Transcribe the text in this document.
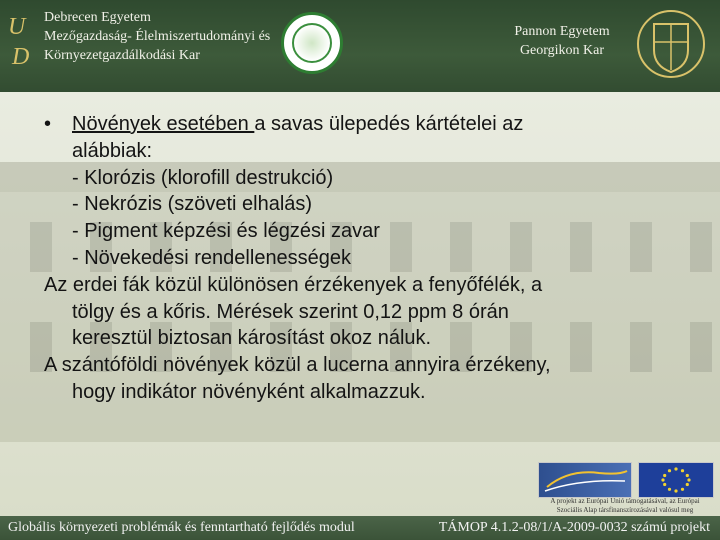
U
D
Debrecen Egyetem
Mezőgazdaság- Élelmiszertudományi és
Környezetgazdálkodási Kar
Pannon Egyetem
Georgikon Kar
• Növények esetében a savas ülepedés kártételei az
alábbiak:
- Klorózis (klorofill destrukció)
- Nekrózis (szöveti elhalás)
- Pigment képzési és légzési zavar
- Növekedési rendellenességek
Az erdei fák közül különösen érzékenyek a fenyőfélék, a
tölgy és a kőris. Mérések szerint 0,12 ppm 8 órán
keresztül biztosan károsítást okoz náluk.
A szántóföldi növények közül a lucerna annyira érzékeny,
hogy indikátor növényként alkalmazzuk.
A projekt az Európai Unió támogatásával, az Európai
Szociális Alap társfinanszírozásával valósul meg
Globális környezeti problémák és fenntartható fejlődés modul	TÁMOP 4.1.2-08/1/A-2009-0032 számú projekt
